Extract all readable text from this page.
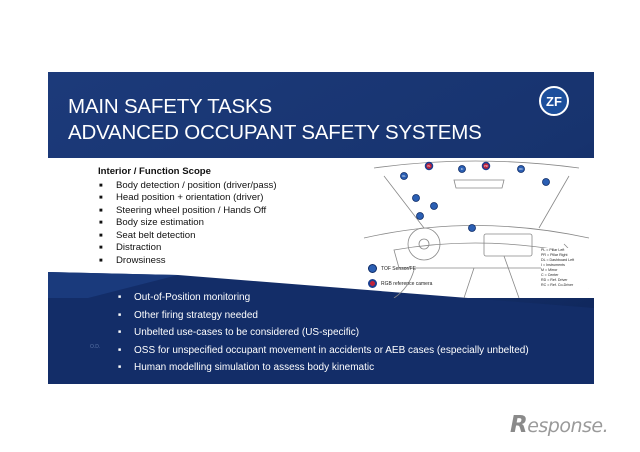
MAIN SAFETY TASKS
ADVANCED OCCUPANT SAFETY SYSTEMS
ZF
Interior / Function Scope
■ Body detection / position (driver/pass)
■ Head position + orientation (driver)
■ Steering wheel position / Hands Off
■ Body size estimation
■ Seat belt detection
■ Distraction
■ Drowsiness
PL	PR
DL
IC	RC
TOF Sensor/FE
RGB reference camera
PL = Pillar Left
PR = Pillar Right
DL = Dashboard Left
I = Instruments
M = Mirror
C = Center
RD = Ref. Driver
RC = Ref. Co-Driver
■ Out-of-Position monitoring
■ Other firing strategy needed
■ Unbelted use-cases to be considered (US-specific)
■ OSS for unspecified occupant movement in accidents or AEB cases (especially unbelted)
■ Human modelling simulation to assess body kinematic
O.D.
Response.
